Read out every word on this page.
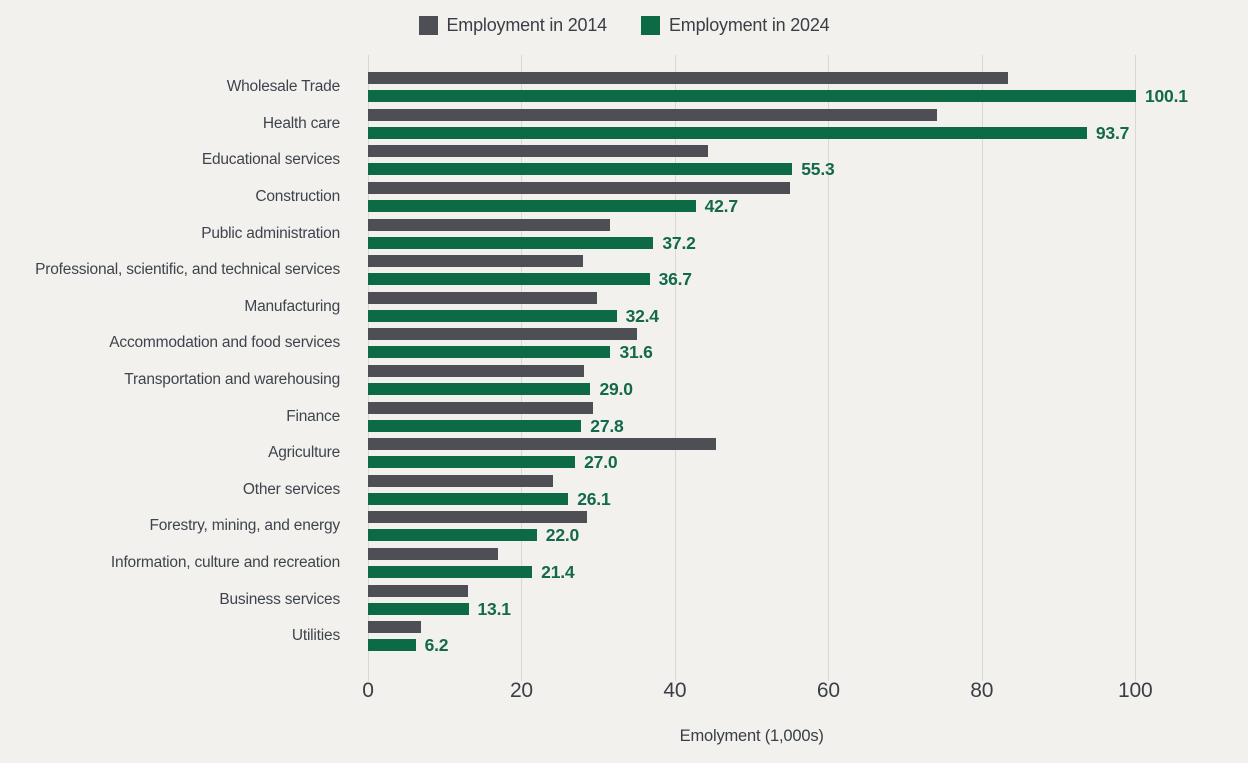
Employment in 2014	Employment in 2024
Wholesale Trade	100.1
Health care	93.7
Educational services	55.3
Construction	42.7
Public administration	37.2
Professional, scientific, and technical services	36.7
Manufacturing	32.4
Accommodation and food services	31.6
Transportation and warehousing	29.0
Finance	27.8
Agriculture	27.0
Other services	26.1
Forestry, mining, and energy	22.0
Information, culture and recreation	21.4
Business services	13.1
Utilities	6.2
0	20	40	60	80	100
Emolyment (1,000s)
